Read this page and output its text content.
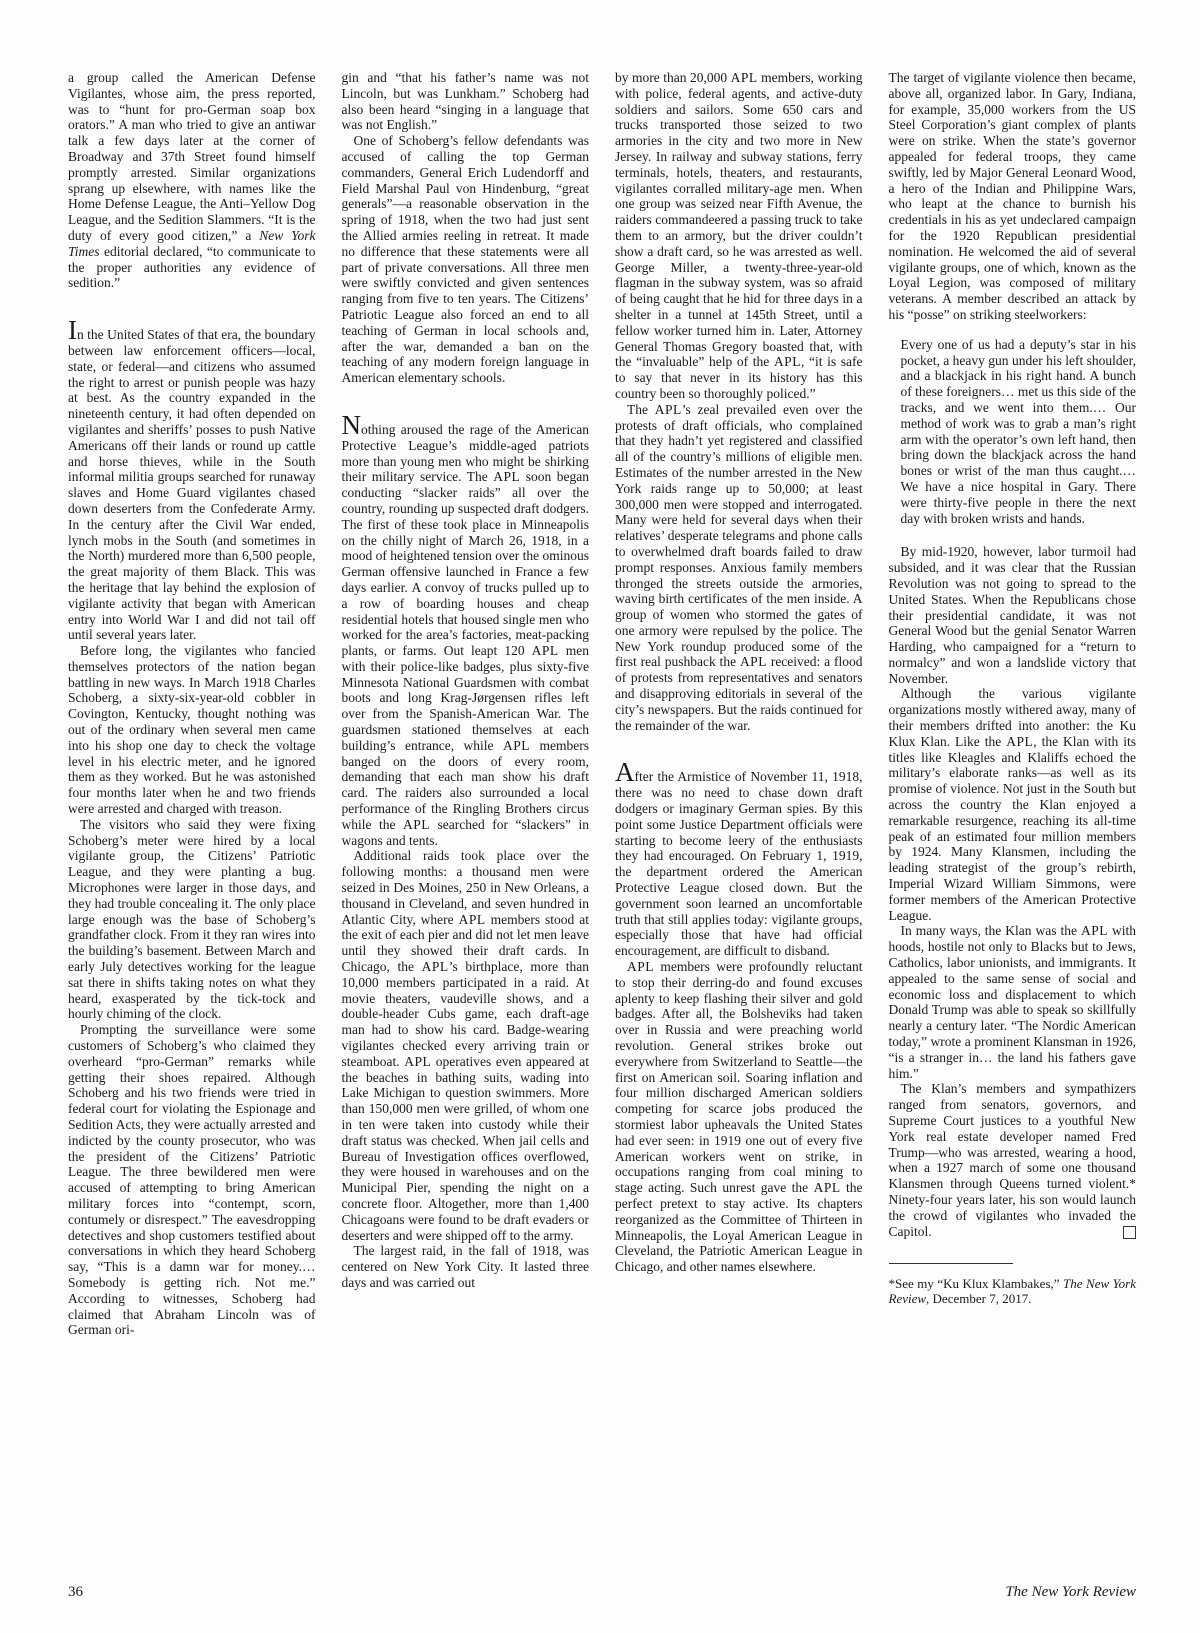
a group called the American Defense Vigilantes, whose aim, the press reported, was to “hunt for pro-German soap box orators.” A man who tried to give an antiwar talk a few days later at the corner of Broadway and 37th Street found himself promptly arrested. Similar organizations sprang up elsewhere, with names like the Home Defense League, the Anti–Yellow Dog League, and the Sedition Slammers. “It is the duty of every good citizen,” a New York Times editorial declared, “to communicate to the proper authorities any evidence of sedition.”

In the United States of that era, the boundary between law enforcement officers—local, state, or federal—and citizens who assumed the right to arrest or punish people was hazy at best. As the country expanded in the nineteenth century, it had often depended on vigilantes and sheriffs’ posses to push Native Americans off their lands or round up cattle and horse thieves, while in the South informal militia groups searched for runaway slaves and Home Guard vigilantes chased down deserters from the Confederate Army. In the century after the Civil War ended, lynch mobs in the South (and sometimes in the North) murdered more than 6,500 people, the great majority of them Black. This was the heritage that lay behind the explosion of vigilante activity that began with American entry into World War I and did not tail off until several years later.

Before long, the vigilantes who fancied themselves protectors of the nation began battling in new ways. In March 1918 Charles Schoberg, a sixty-six-year-old cobbler in Covington, Kentucky, thought nothing was out of the ordinary when several men came into his shop one day to check the voltage level in his electric meter, and he ignored them as they worked. But he was astonished four months later when he and two friends were arrested and charged with treason.

The visitors who said they were fixing Schoberg’s meter were hired by a local vigilante group, the Citizens’ Patriotic League, and they were planting a bug. Microphones were larger in those days, and they had trouble concealing it. The only place large enough was the base of Schoberg’s grandfather clock. From it they ran wires into the building’s basement. Between March and early July detectives working for the league sat there in shifts taking notes on what they heard, exasperated by the tick-tock and hourly chiming of the clock.

Prompting the surveillance were some customers of Schoberg’s who claimed they overheard “pro-German” remarks while getting their shoes repaired. Although Schoberg and his two friends were tried in federal court for violating the Espionage and Sedition Acts, they were actually arrested and indicted by the county prosecutor, who was the president of the Citizens’ Patriotic League. The three bewildered men were accused of attempting to bring American military forces into “contempt, scorn, contumely or disrespect.” The eavesdropping detectives and shop customers testified about conversations in which they heard Schoberg say, “This is a damn war for money.… Somebody is getting rich. Not me.” According to witnesses, Schoberg had claimed that Abraham Lincoln was of German ori-

gin and “that his father’s name was not Lincoln, but was Lunkham.” Schoberg had also been heard “singing in a language that was not English.”

One of Schoberg’s fellow defendants was accused of calling the top German commanders, General Erich Ludendorff and Field Marshal Paul von Hindenburg, “great generals”—a reasonable observation in the spring of 1918, when the two had just sent the Allied armies reeling in retreat. It made no difference that these statements were all part of private conversations. All three men were swiftly convicted and given sentences ranging from five to ten years. The Citizens’ Patriotic League also forced an end to all teaching of German in local schools and, after the war, demanded a ban on the teaching of any modern foreign language in American elementary schools.

Nothing aroused the rage of the American Protective League’s middle-aged patriots more than young men who might be shirking their military service. The APL soon began conducting “slacker raids” all over the country, rounding up suspected draft dodgers. The first of these took place in Minneapolis on the chilly night of March 26, 1918, in a mood of heightened tension over the ominous German offensive launched in France a few days earlier. A convoy of trucks pulled up to a row of boarding houses and cheap residential hotels that housed single men who worked for the area’s factories, meat-packing plants, or farms. Out leapt 120 APL men with their police-like badges, plus sixty-five Minnesota National Guardsmen with combat boots and long Krag-Jørgensen rifles left over from the Spanish-American War. The guardsmen stationed themselves at each building’s entrance, while APL members banged on the doors of every room, demanding that each man show his draft card. The raiders also surrounded a local performance of the Ringling Brothers circus while the APL searched for “slackers” in wagons and tents.

Additional raids took place over the following months: a thousand men were seized in Des Moines, 250 in New Orleans, a thousand in Cleveland, and seven hundred in Atlantic City, where APL members stood at the exit of each pier and did not let men leave until they showed their draft cards. In Chicago, the APL’s birthplace, more than 10,000 members participated in a raid. At movie theaters, vaudeville shows, and a double-header Cubs game, each draft-age man had to show his card. Badge-wearing vigilantes checked every arriving train or steamboat. APL operatives even appeared at the beaches in bathing suits, wading into Lake Michigan to question swimmers. More than 150,000 men were grilled, of whom one in ten were taken into custody while their draft status was checked. When jail cells and Bureau of Investigation offices overflowed, they were housed in warehouses and on the Municipal Pier, spending the night on a concrete floor. Altogether, more than 1,400 Chicagoans were found to be draft evaders or deserters and were shipped off to the army.

The largest raid, in the fall of 1918, was centered on New York City. It lasted three days and was carried out

by more than 20,000 APL members, working with police, federal agents, and active-duty soldiers and sailors. Some 650 cars and trucks transported those seized to two armories in the city and two more in New Jersey. In railway and subway stations, ferry terminals, hotels, theaters, and restaurants, vigilantes corralled military-age men. When one group was seized near Fifth Avenue, the raiders commandeered a passing truck to take them to an armory, but the driver couldn’t show a draft card, so he was arrested as well. George Miller, a twenty-three-year-old flagman in the subway system, was so afraid of being caught that he hid for three days in a shelter in a tunnel at 145th Street, until a fellow worker turned him in. Later, Attorney General Thomas Gregory boasted that, with the “invaluable” help of the APL, “it is safe to say that never in its history has this country been so thoroughly policed.”

The APL’s zeal prevailed even over the protests of draft officials, who complained that they hadn’t yet registered and classified all of the country’s millions of eligible men. Estimates of the number arrested in the New York raids range up to 50,000; at least 300,000 men were stopped and interrogated. Many were held for several days when their relatives’ desperate telegrams and phone calls to overwhelmed draft boards failed to draw prompt responses. Anxious family members thronged the streets outside the armories, waving birth certificates of the men inside. A group of women who stormed the gates of one armory were repulsed by the police. The New York roundup produced some of the first real pushback the APL received: a flood of protests from representatives and senators and disapproving editorials in several of the city’s newspapers. But the raids continued for the remainder of the war.

After the Armistice of November 11, 1918, there was no need to chase down draft dodgers or imaginary German spies. By this point some Justice Department officials were starting to become leery of the enthusiasts they had encouraged. On February 1, 1919, the department ordered the American Protective League closed down. But the government soon learned an uncomfortable truth that still applies today: vigilante groups, especially those that have had official encouragement, are difficult to disband.

APL members were profoundly reluctant to stop their derring-do and found excuses aplenty to keep flashing their silver and gold badges. After all, the Bolsheviks had taken over in Russia and were preaching world revolution. General strikes broke out everywhere from Switzerland to Seattle—the first on American soil. Soaring inflation and four million discharged American soldiers competing for scarce jobs produced the stormiest labor upheavals the United States had ever seen: in 1919 one out of every five American workers went on strike, in occupations ranging from coal mining to stage acting. Such unrest gave the APL the perfect pretext to stay active. Its chapters reorganized as the Committee of Thirteen in Minneapolis, the Loyal American League in Cleveland, the Patriotic American League in Chicago, and other names elsewhere.

The target of vigilante violence then became, above all, organized labor. In Gary, Indiana, for example, 35,000 workers from the US Steel Corporation’s giant complex of plants were on strike. When the state’s governor appealed for federal troops, they came swiftly, led by Major General Leonard Wood, a hero of the Indian and Philippine Wars, who leapt at the chance to burnish his credentials in his as yet undeclared campaign for the 1920 Republican presidential nomination. He welcomed the aid of several vigilante groups, one of which, known as the Loyal Legion, was composed of military veterans. A member described an attack by his “posse” on striking steelworkers:

Every one of us had a deputy’s star in his pocket, a heavy gun under his left shoulder, and a blackjack in his right hand. A bunch of these foreigners… met us this side of the tracks, and we went into them.… Our method of work was to grab a man’s right arm with the operator’s own left hand, then bring down the blackjack across the hand bones or wrist of the man thus caught.… We have a nice hospital in Gary. There were thirty-five people in there the next day with broken wrists and hands.

By mid-1920, however, labor turmoil had subsided, and it was clear that the Russian Revolution was not going to spread to the United States. When the Republicans chose their presidential candidate, it was not General Wood but the genial Senator Warren Harding, who campaigned for a “return to normalcy” and won a landslide victory that November.

Although the various vigilante organizations mostly withered away, many of their members drifted into another: the Ku Klux Klan. Like the APL, the Klan with its titles like Kleagles and Klaliffs echoed the military’s elaborate ranks—as well as its promise of violence. Not just in the South but across the country the Klan enjoyed a remarkable resurgence, reaching its all-time peak of an estimated four million members by 1924. Many Klansmen, including the leading strategist of the group’s rebirth, Imperial Wizard William Simmons, were former members of the American Protective League.

In many ways, the Klan was the APL with hoods, hostile not only to Blacks but to Jews, Catholics, labor unionists, and immigrants. It appealed to the same sense of social and economic loss and displacement to which Donald Trump was able to speak so skillfully nearly a century later. “The Nordic American today,” wrote a prominent Klansman in 1926, “is a stranger in… the land his fathers gave him.”

The Klan’s members and sympathizers ranged from senators, governors, and Supreme Court justices to a youthful New York real estate developer named Fred Trump—who was arrested, wearing a hood, when a 1927 march of some one thousand Klansmen through Queens turned violent.* Ninety-four years later, his son would launch the crowd of vigilantes who invaded the Capitol.

*See my “Ku Klux Klambakes,” The New York Review, December 7, 2017.

36	The New York Review
